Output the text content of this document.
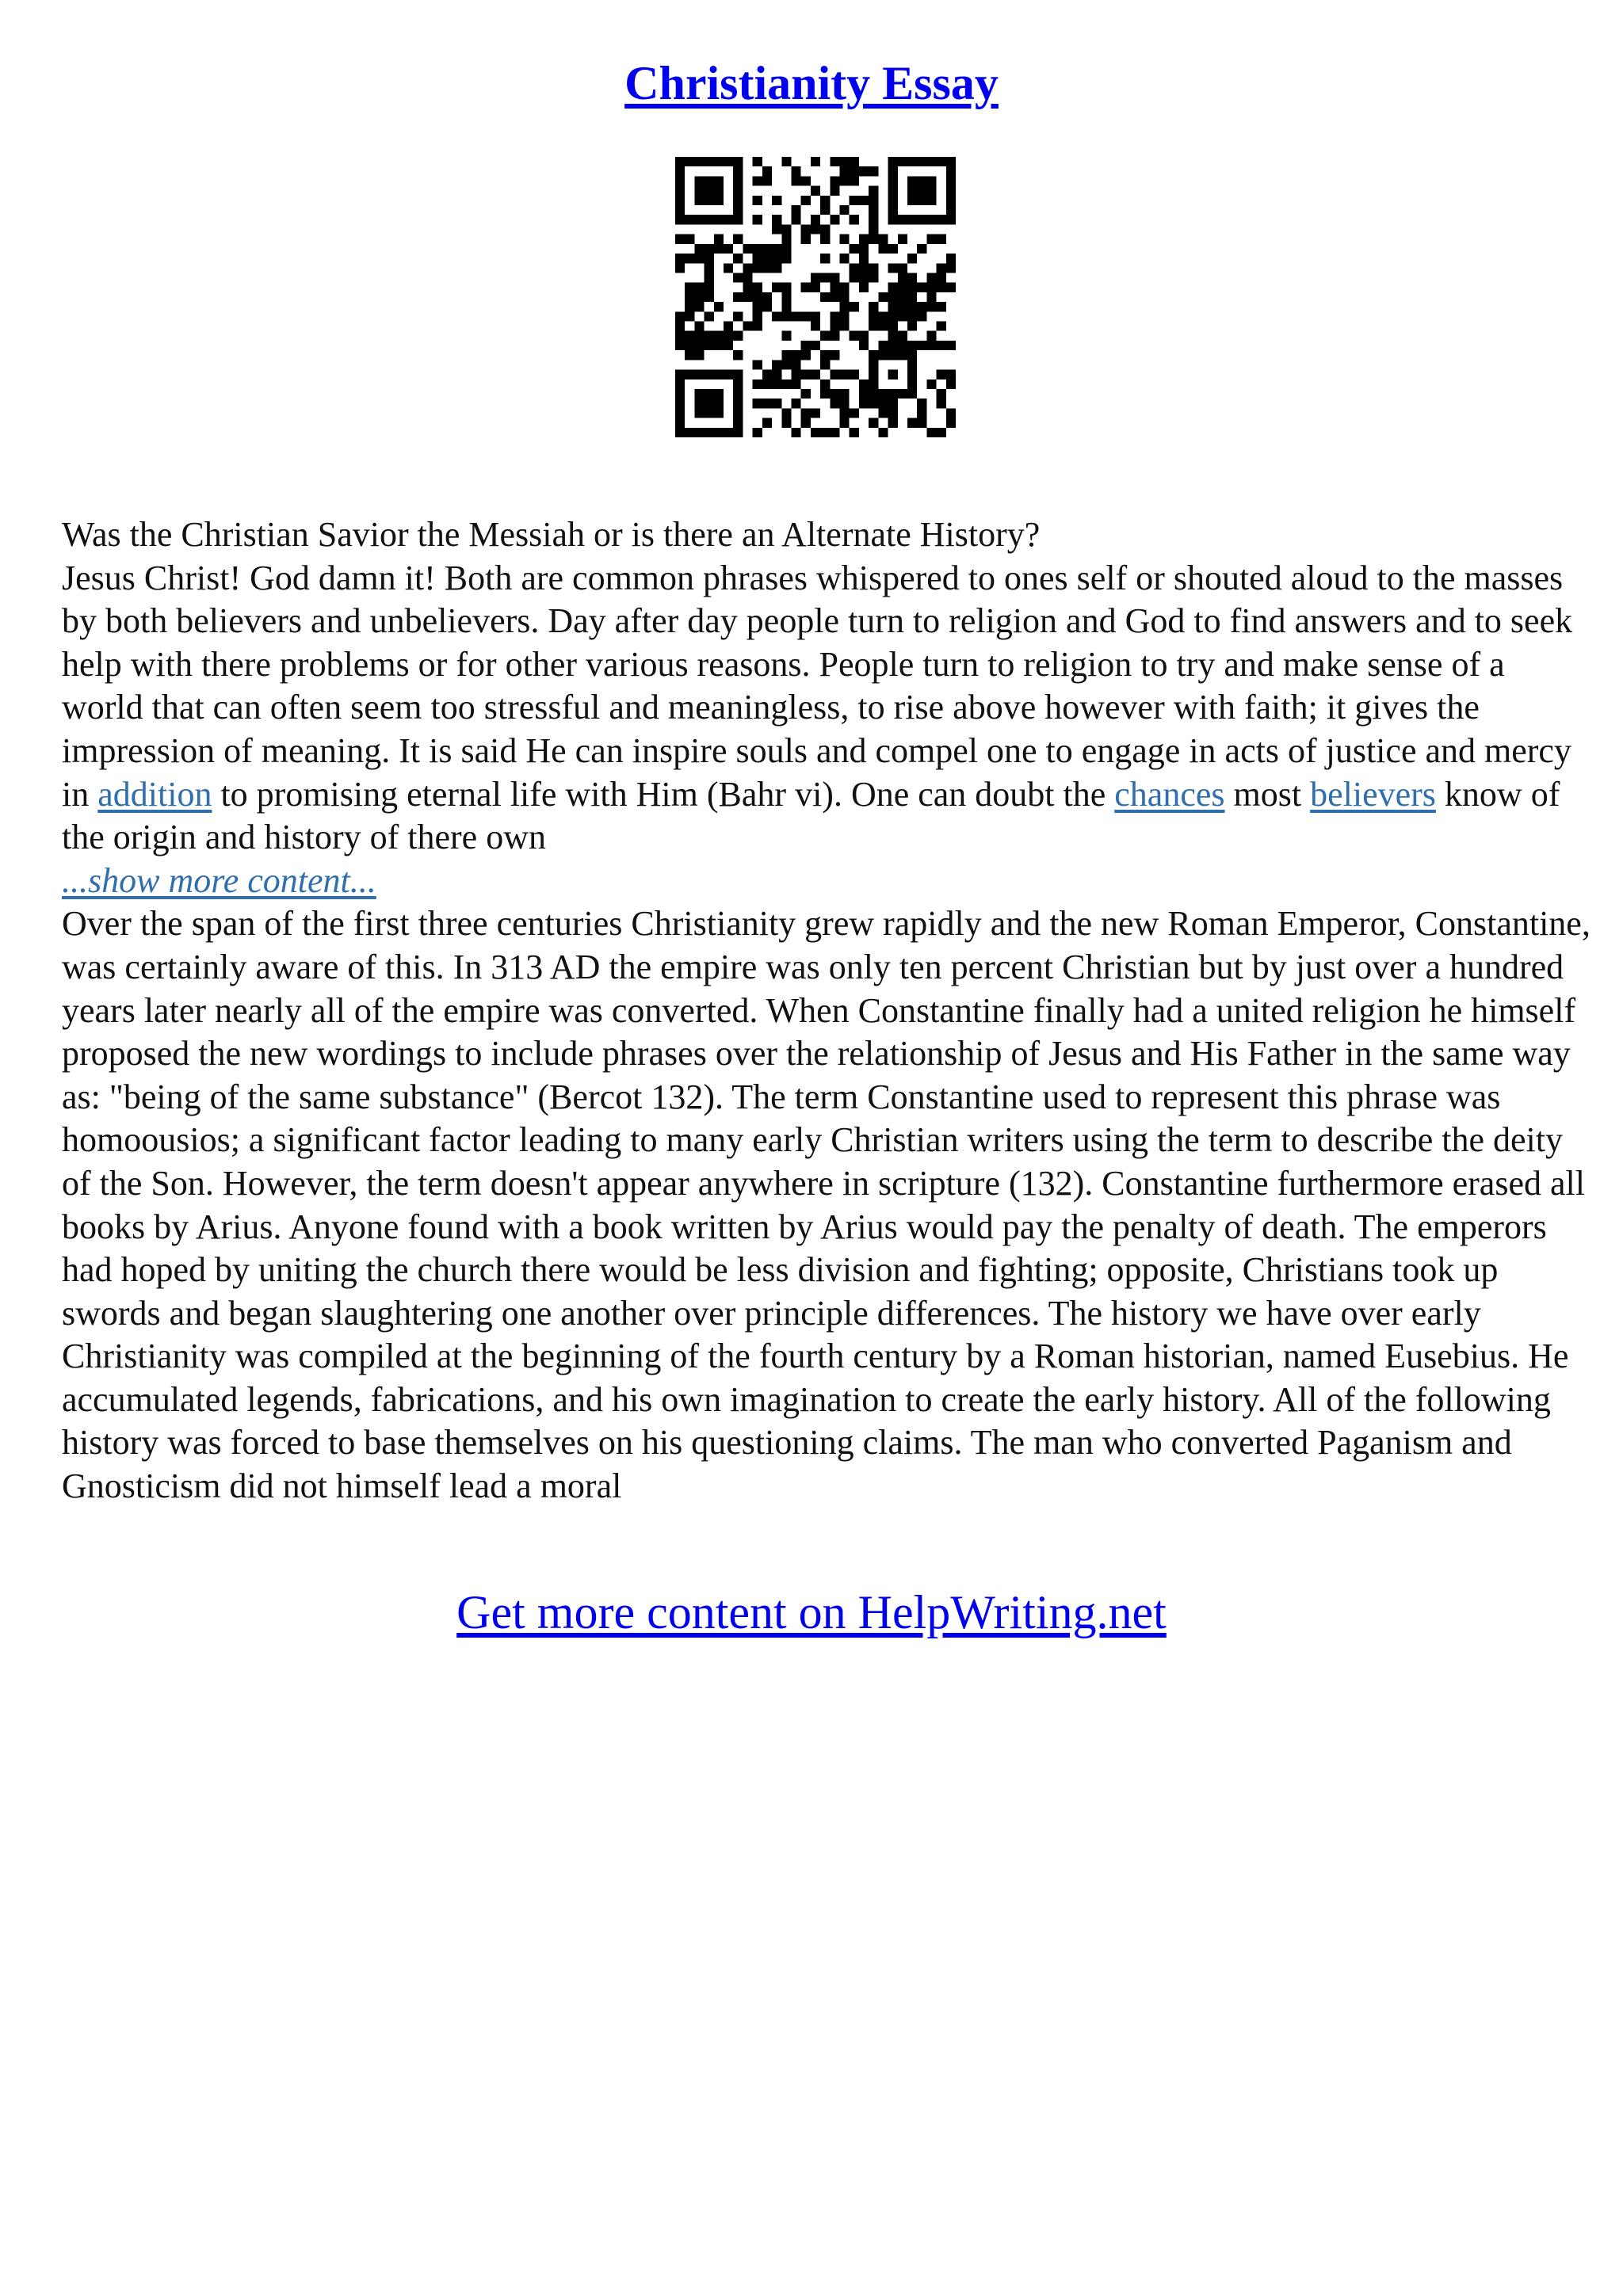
Christianity Essay

Was the Christian Savior the Messiah or is there an Alternate History?

Jesus Christ! God damn it! Both are common phrases whispered to ones self or shouted aloud to the masses by both believers and unbelievers. Day after day people turn to religion and God to find answers and to seek help with there problems or for other various reasons. People turn to religion to try and make sense of a world that can often seem too stressful and meaningless, to rise above however with faith; it gives the impression of meaning. It is said He can inspire souls and compel one to engage in acts of justice and mercy in addition to promising eternal life with Him (Bahr vi). One can doubt the chances most believers know of the origin and history of there own

...show more content...

Over the span of the first three centuries Christianity grew rapidly and the new Roman Emperor, Constantine, was certainly aware of this. In 313 AD the empire was only ten percent Christian but by just over a hundred years later nearly all of the empire was converted. When Constantine finally had a united religion he himself proposed the new wordings to include phrases over the relationship of Jesus and His Father in the same way as: "being of the same substance" (Bercot 132). The term Constantine used to represent this phrase was homoousios; a significant factor leading to many early Christian writers using the term to describe the deity of the Son. However, the term doesn't appear anywhere in scripture (132). Constantine furthermore erased all books by Arius. Anyone found with a book written by Arius would pay the penalty of death. The emperors had hoped by uniting the church there would be less division and fighting; opposite, Christians took up swords and began slaughtering one another over principle differences. The history we have over early Christianity was compiled at the beginning of the fourth century by a Roman historian, named Eusebius. He accumulated legends, fabrications, and his own imagination to create the early history. All of the following history was forced to base themselves on his questioning claims. The man who converted Paganism and Gnosticism did not himself lead a moral

Get more content on HelpWriting.net
